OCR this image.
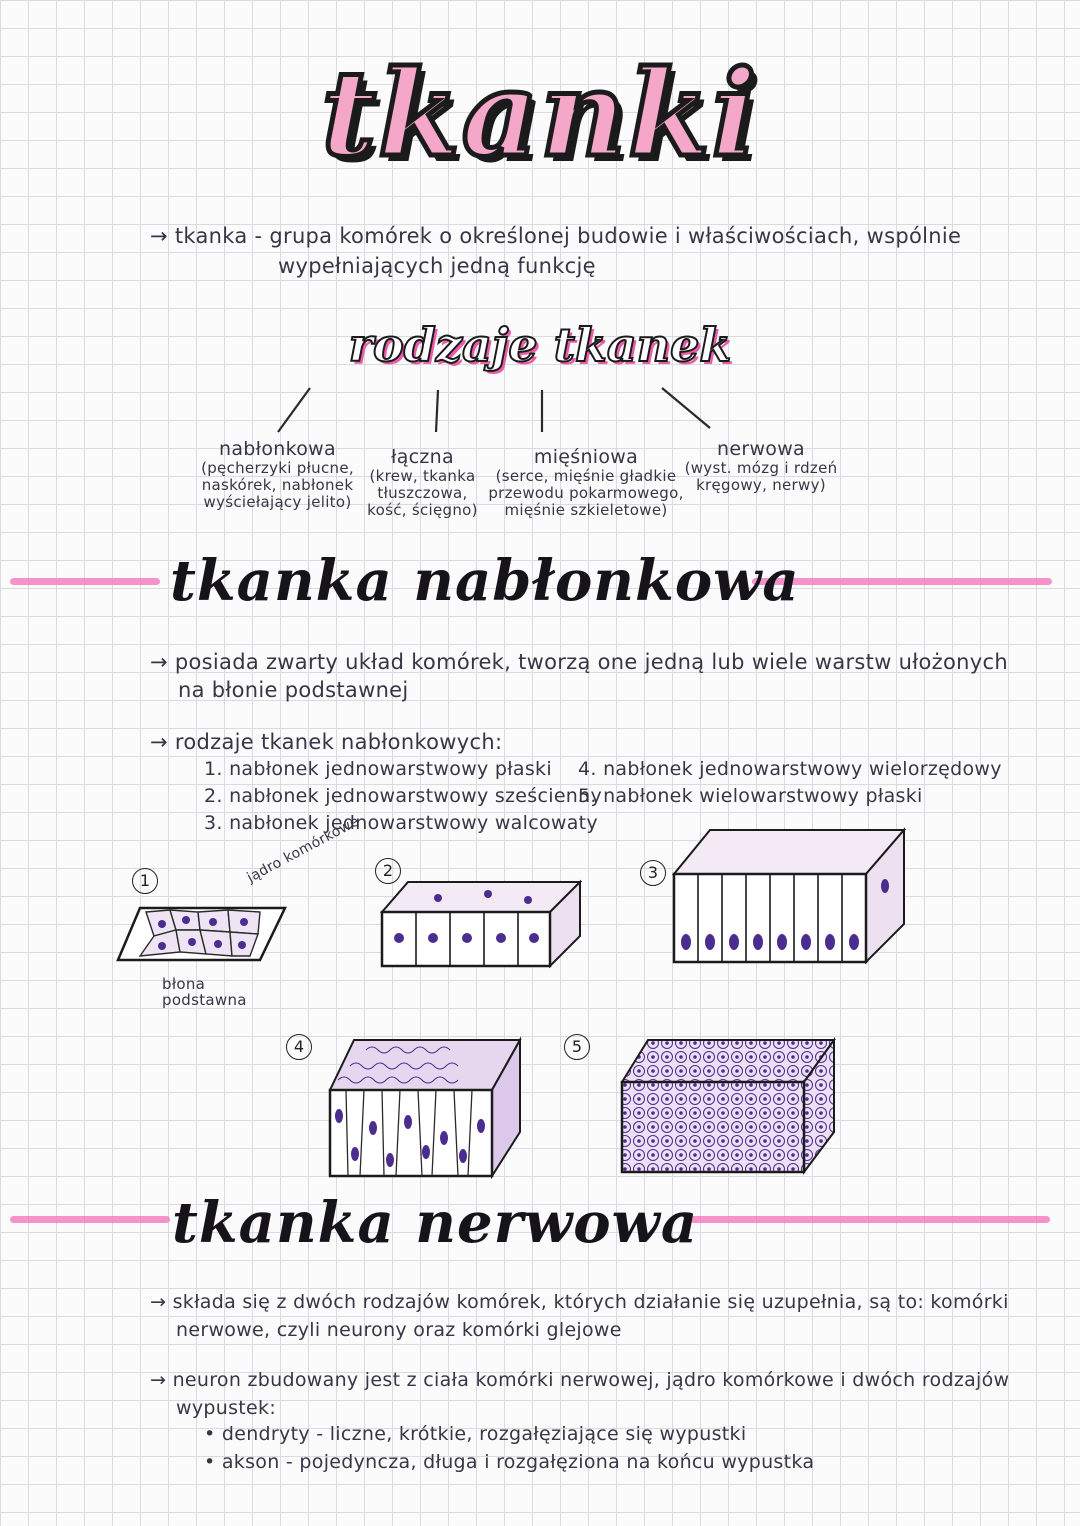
tkanki
→ tkanka - grupa komórek o określonej budowie i właściwościach, wspólnie
wypełniających jedną funkcję
rodzaje tkanek
nabłonkowa
(pęcherzyki płucne,
naskórek, nabłonek
wyściełający jelito)
łączna
(krew, tkanka
tłuszczowa,
kość, ścięgno)
mięśniowa
(serce, mięśnie gładkie
przewodu pokarmowego,
mięśnie szkieletowe)
nerwowa
(wyst. mózg i rdzeń
kręgowy, nerwy)
tkanka nabłonkowa
→ posiada zwarty układ komórek, tworzą one jedną lub wiele warstw ułożonych
na błonie podstawnej
→ rodzaje tkanek nabłonkowych:
1. nabłonek jednowarstwowy płaski
2. nabłonek jednowarstwowy sześcienny
3. nabłonek jednowarstwowy walcowaty
4. nabłonek jednowarstwowy wielorzędowy
5. nabłonek wielowarstwowy płaski
1	jądro komórkowe
błona
podstawna
2	3
4	5
tkanka nerwowa
→ składa się z dwóch rodzajów komórek, których działanie się uzupełnia, są to: komórki
nerwowe, czyli neurony oraz komórki glejowe
→ neuron zbudowany jest z ciała komórki nerwowej, jądro komórkowe i dwóch rodzajów
wypustek:
• dendryty - liczne, krótkie, rozgałęziające się wypustki
• akson - pojedyncza, długa i rozgałęziona na końcu wypustka
